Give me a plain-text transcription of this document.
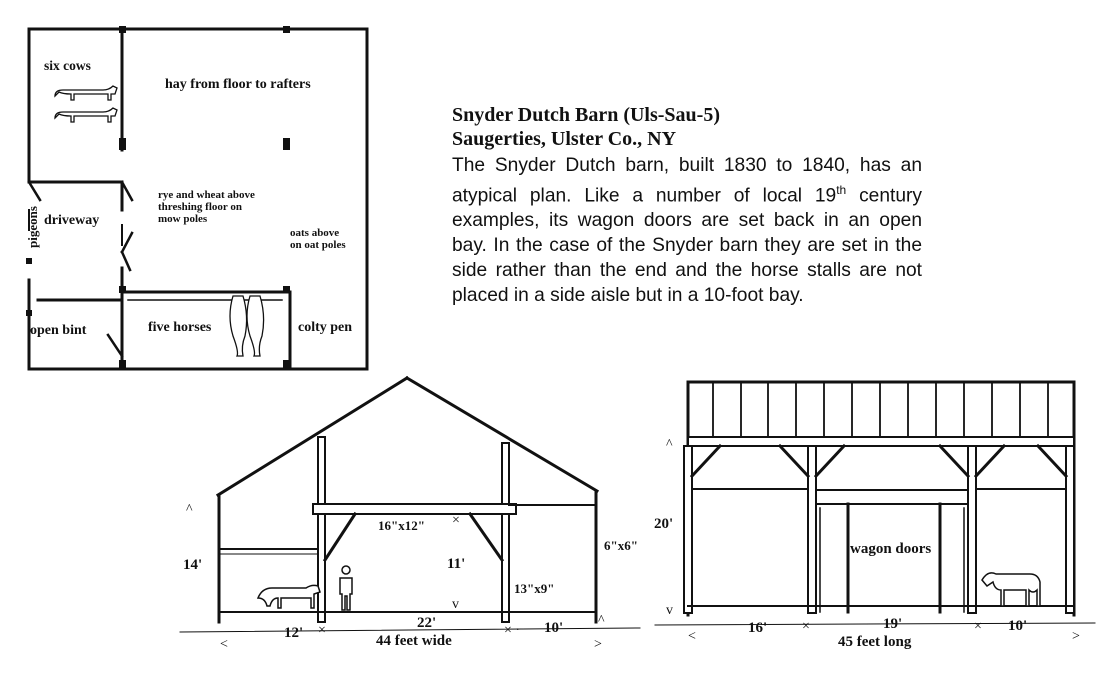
^
×
v
^
<
×	× ·
>
^
v
<
×	×
>
six cows
hay from floor to rafters
pigeons driveway
rye and wheat above
threshing floor on
mow poles
oats above
on oat poles
open bint	five horses	colty pen
14'
16"x12"
11'
13"x9"
6"x6"
12'
22'	10'
44 feet wide
20'
wagon doors
16'	19'	10'
45 feet long

Snyder Dutch Barn (Uls-Sau-5)

Saugerties, Ulster Co., NY

The Snyder Dutch barn, built 1830 to 1840, has an atypical plan. Like a number of local 19th century examples, its wagon doors are set back in an open bay. In the case of the Snyder barn they are set in the side rather than the end and the horse stalls are not placed in a side aisle but in a 10-foot bay.
